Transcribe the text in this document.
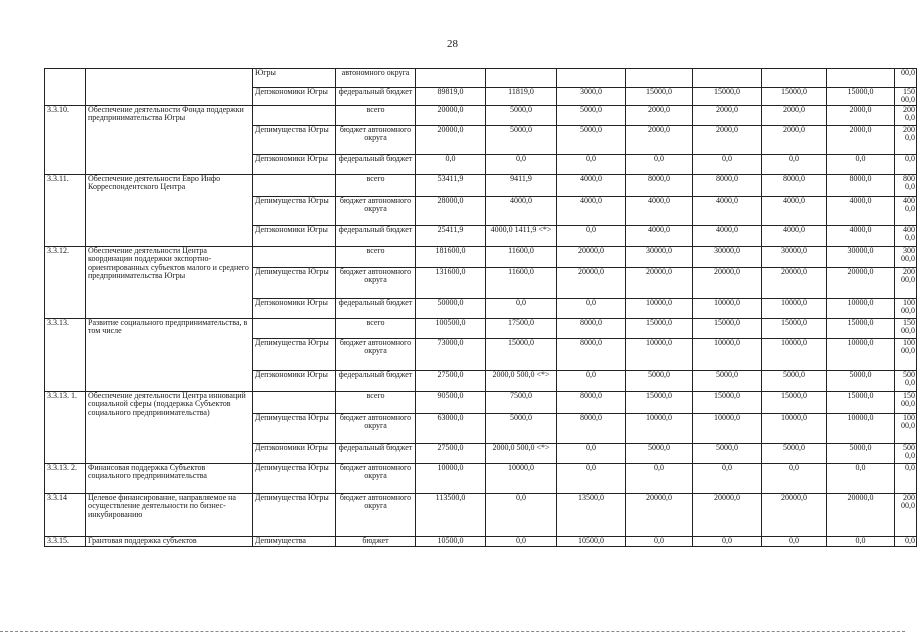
28
		Югры	автономного округа								00,0
		Депэкономики Югры	федеральный бюджет	89819,0	11819,0	3000,0	15000,0	15000,0	15000,0	15000,0	150 00,0
3.3.10.	Обеспечение деятельности Фонда поддержки предпринимательства Югры		всего	20000,0	5000,0	5000,0	2000,0	2000,0	2000,0	2000,0	200 0,0
		Депимущества Югры	бюджет автономного округа	20000,0	5000,0	5000,0	2000,0	2000,0	2000,0	2000,0	200 0,0
		Депэкономики Югры	федеральный бюджет	0,0	0,0	0,0	0,0	0,0	0,0	0,0	0,0
3.3.11.	Обеспечение деятельности Евро Инфо Корреспондентского Центра		всего	53411,9	9411,9	4000,0	8000,0	8000,0	8000,0	8000,0	800 0,0
		Депимущества Югры	бюджет автономного округа	28000,0	4000,0	4000,0	4000,0	4000,0	4000,0	4000,0	400 0,0
		Депэкономики Югры	федеральный бюджет	25411,9	4000,0 1411,9 <*>	0,0	4000,0	4000,0	4000,0	4000,0	400 0,0
3.3.12.	Обеспечение деятельности Центра координации поддержки экспортно-ориентированных субъектов малого и среднего предпринимательства Югры		всего	181600,0	11600,0	20000,0	30000,0	30000,0	30000,0	30000,0	300 00,0
		Депимущества Югры	бюджет автономного округа	131600,0	11600,0	20000,0	20000,0	20000,0	20000,0	20000,0	200 00,0
		Депэкономики Югры	федеральный бюджет	50000,0	0,0	0,0	10000,0	10000,0	10000,0	10000,0	100 00,0
3.3.13.	Развитие социального предпринимательства, в том числе		всего	100500,0	17500,0	8000,0	15000,0	15000,0	15000,0	15000,0	150 00,0
		Депимущества Югры	бюджет автономного округа	73000,0	15000,0	8000,0	10000,0	10000,0	10000,0	10000,0	100 00,0
		Депэкономики Югры	федеральный бюджет	27500,0	2000,0 500,0 <*>	0,0	5000,0	5000,0	5000,0	5000,0	500 0,0
3.3.13. 1.	Обеспечение деятельности Центра инноваций социальной сферы (поддержка Субъектов социального предпринимательства)		всего	90500,0	7500,0	8000,0	15000,0	15000,0	15000,0	15000,0	150 00,0
		Депимущества Югры	бюджет автономного округа	63000,0	5000,0	8000,0	10000,0	10000,0	10000,0	10000,0	100 00,0
		Депэкономики Югры	федеральный бюджет	27500,0	2000,0 500,0 <*>	0,0	5000,0	5000,0	5000,0	5000,0	500 0,0
3.3.13. 2.	Финансовая поддержка Субъектов социального предпринимательства	Депимущества Югры	бюджет автономного округа	10000,0	10000,0	0,0	0,0	0,0	0,0	0,0	0,0
3.3.14	Целевое финансирование, направляемое на осуществление деятельности по бизнес-инкубированию	Депимущества Югры	бюджет автономного округа	113500,0	0,0	13500,0	20000,0	20000,0	20000,0	20000,0	200 00,0
3.3.15.	Грантовая поддержка субъектов	Депимущества	бюджет	10500,0	0,0	10500,0	0,0	0,0	0,0	0,0	0,0
